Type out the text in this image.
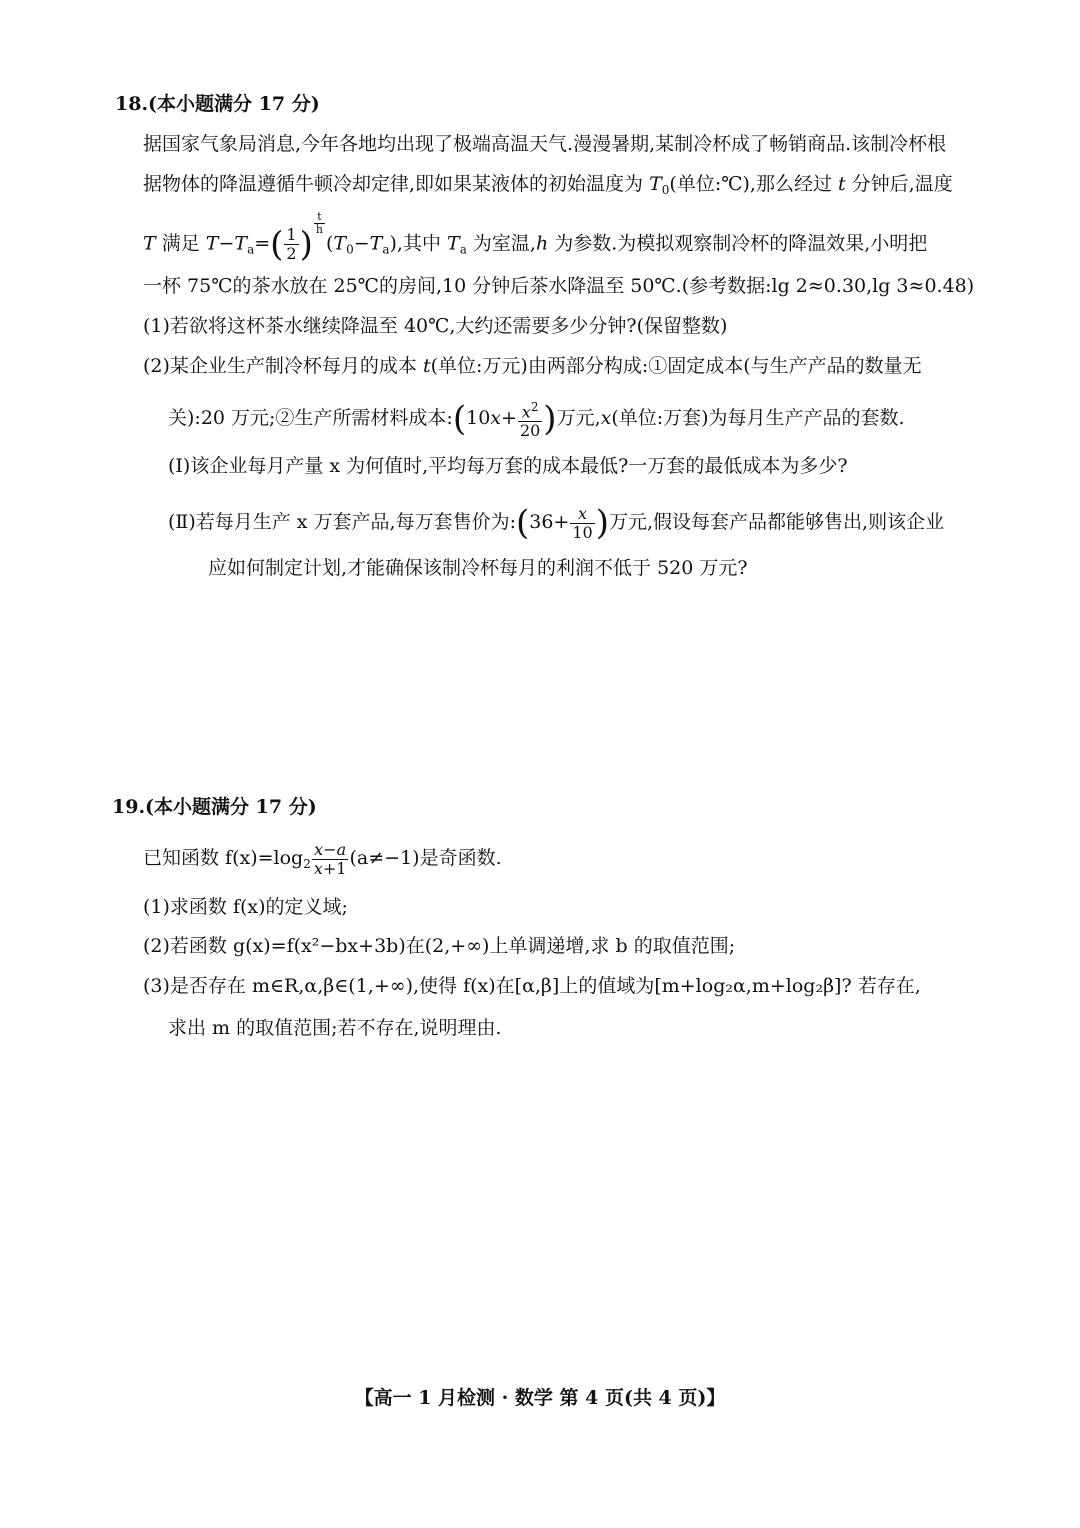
18.(本小题满分 17 分)
据国家气象局消息,今年各地均出现了极端高温天气.漫漫暑期,某制冷杯成了畅销商品.该制冷杯根
据物体的降温遵循牛顿冷却定律,即如果某液体的初始温度为 $T_0$(单位:℃),那么经过 t 分钟后,温度
T 满足 $T-T_a=( \frac{1}{2}$ )
$^{\frac{t}{h}}$
$(T_0-T_a)$,其中 $T_a$ 为室温,h 为参数.为模拟观察制冷杯的降温效果,小明把
一杯 75℃的茶水放在 25℃的房间,10 分钟后茶水降温至 50℃.(参考数据:lg 2≈0.30,lg 3≈0.48)
(1)若欲将这杯茶水继续降温至 40℃,大约还需要多少分钟?(保留整数)
(2)某企业生产制冷杯每月的成本 t(单位:万元)由两部分构成:①固定成本(与生产产品的数量无
关):20 万元;②生产所需材料成本:(10x+ $\frac{x^2}{20}$ )万元,x(单位:万套)为每月生产产品的套数.
(Ⅰ)该企业每月产量 x 为何值时,平均每万套的成本最低?一万套的最低成本为多少?
(Ⅱ)若每月生产 x 万套产品,每万套售价为:(36+ $\frac{x}{10}$ )万元,假设每套产品都能够售出,则该企业
应如何制定计划,才能确保该制冷杯每月的利润不低于 520 万元?
19.(本小题满分 17 分)
已知函数 $f(x)=\log_2 \frac{x-a}{x+1} (a\ne-1)$是奇函数.
(1)求函数 f(x)的定义域;
(2)若函数 g(x)=f(x²−bx+3b)在(2,+∞)上单调递增,求 b 的取值范围;
(3)是否存在 m∈R,α,β∈(1,+∞),使得 f(x)在[α,β]上的值域为[m+log₂α,m+log₂β]? 若存在,
求出 m 的取值范围;若不存在,说明理由.
【高一 1 月检测 · 数学 第 4 页(共 4 页)】
